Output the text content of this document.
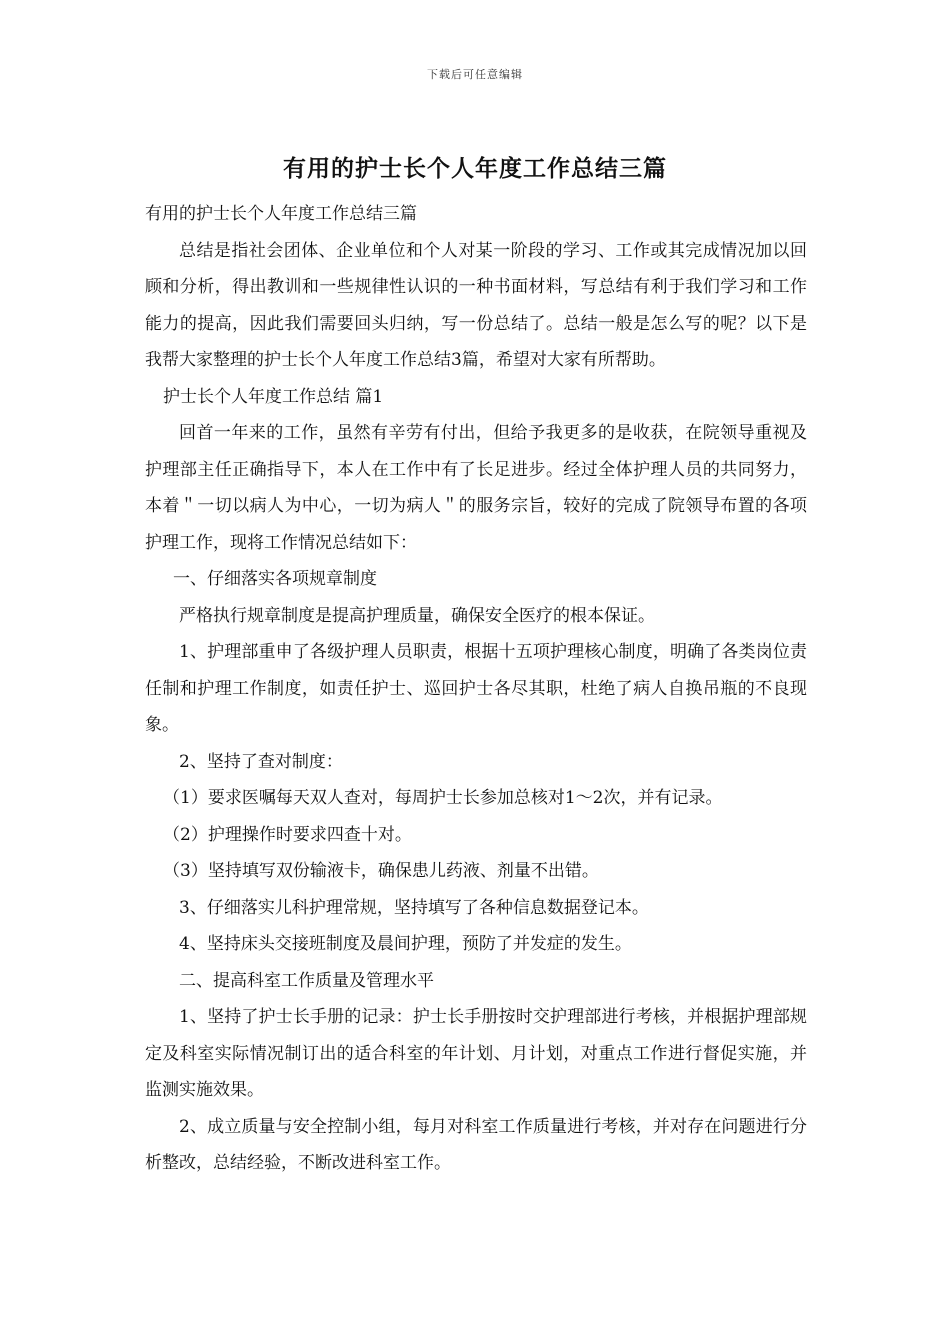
下载后可任意编辑
有用的护士长个人年度工作总结三篇

有用的护士长个人年度工作总结三篇

总结是指社会团体、企业单位和个人对某一阶段的学习、工作或其完成情况加以回顾和分析，得出教训和一些规律性认识的一种书面材料，写总结有利于我们学习和工作能力的提高，因此我们需要回头归纳，写一份总结了。总结一般是怎么写的呢？以下是我帮大家整理的护士长个人年度工作总结3篇，希望对大家有所帮助。

护士长个人年度工作总结 篇1

回首一年来的工作，虽然有辛劳有付出，但给予我更多的是收获，在院领导重视及护理部主任正确指导下，本人在工作中有了长足进步。经过全体护理人员的共同努力，本着＂一切以病人为中心，一切为病人＂的服务宗旨，较好的完成了院领导布置的各项护理工作，现将工作情况总结如下：

一、仔细落实各项规章制度

严格执行规章制度是提高护理质量，确保安全医疗的根本保证。

1、护理部重申了各级护理人员职责，根据十五项护理核心制度，明确了各类岗位责任制和护理工作制度，如责任护士、巡回护士各尽其职，杜绝了病人自换吊瓶的不良现象。

2、坚持了查对制度：

（1）要求医嘱每天双人查对，每周护士长参加总核对1～2次，并有记录。

（2）护理操作时要求四查十对。

（3）坚持填写双份输液卡，确保患儿药液、剂量不出错。

3、仔细落实儿科护理常规，坚持填写了各种信息数据登记本。

4、坚持床头交接班制度及晨间护理，预防了并发症的发生。

二、提高科室工作质量及管理水平

1、坚持了护士长手册的记录：护士长手册按时交护理部进行考核，并根据护理部规定及科室实际情况制订出的适合科室的年计划、月计划，对重点工作进行督促实施，并监测实施效果。

2、成立质量与安全控制小组，每月对科室工作质量进行考核，并对存在问题进行分析整改，总结经验，不断改进科室工作。
